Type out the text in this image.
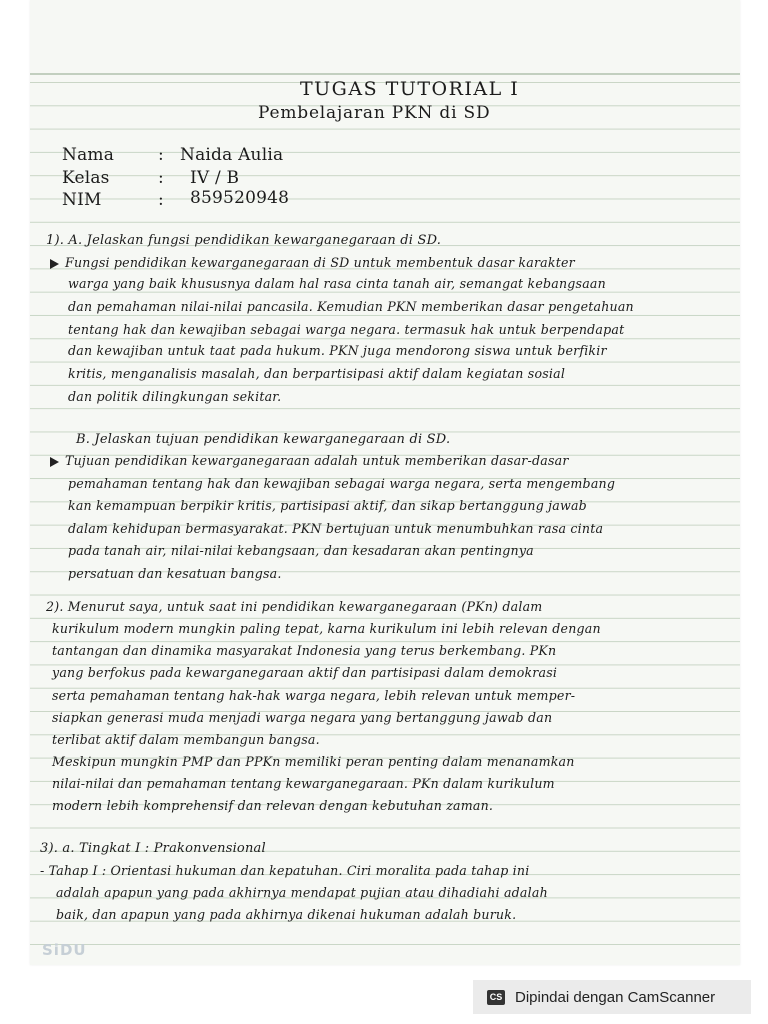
TUGAS TUTORIAL I
Pembelajaran PKN di SD
Nama	: Naida Aulia
Kelas	: IV / B
NIM	: 859520948
1). A. Jelaskan fungsi pendidikan kewarganegaraan di SD.
Fungsi pendidikan kewarganegaraan di SD untuk membentuk dasar karakter
warga yang baik khususnya dalam hal rasa cinta tanah air, semangat kebangsaan
dan pemahaman nilai-nilai pancasila. Kemudian PKN memberikan dasar pengetahuan
tentang hak dan kewajiban sebagai warga negara. termasuk hak untuk berpendapat
dan kewajiban untuk taat pada hukum. PKN juga mendorong siswa untuk berfikir
kritis, menganalisis masalah, dan berpartisipasi aktif dalam kegiatan sosial
dan politik dilingkungan sekitar.
B. Jelaskan tujuan pendidikan kewarganegaraan di SD.
Tujuan pendidikan kewarganegaraan adalah untuk memberikan dasar-dasar
pemahaman tentang hak dan kewajiban sebagai warga negara, serta mengembang
kan kemampuan berpikir kritis, partisipasi aktif, dan sikap bertanggung jawab
dalam kehidupan bermasyarakat. PKN bertujuan untuk menumbuhkan rasa cinta
pada tanah air, nilai-nilai kebangsaan, dan kesadaran akan pentingnya
persatuan dan kesatuan bangsa.
2). Menurut saya, untuk saat ini pendidikan kewarganegaraan (PKn) dalam
kurikulum modern mungkin paling tepat, karna kurikulum ini lebih relevan dengan
tantangan dan dinamika masyarakat Indonesia yang terus berkembang. PKn
yang berfokus pada kewarganegaraan aktif dan partisipasi dalam demokrasi
serta pemahaman tentang hak-hak warga negara, lebih relevan untuk memper-
siapkan generasi muda menjadi warga negara yang bertanggung jawab dan
terlibat aktif dalam membangun bangsa.
Meskipun mungkin PMP dan PPKn memiliki peran penting dalam menanamkan
nilai-nilai dan pemahaman tentang kewarganegaraan. PKn dalam kurikulum
modern lebih komprehensif dan relevan dengan kebutuhan zaman.
3). a. Tingkat I : Prakonvensional
- Tahap I : Orientasi hukuman dan kepatuhan. Ciri moralita pada tahap ini
adalah apapun yang pada akhirnya mendapat pujian atau dihadiahi adalah
baik, dan apapun yang pada akhirnya dikenai hukuman adalah buruk.
SiDU
CS Dipindai dengan CamScanner
